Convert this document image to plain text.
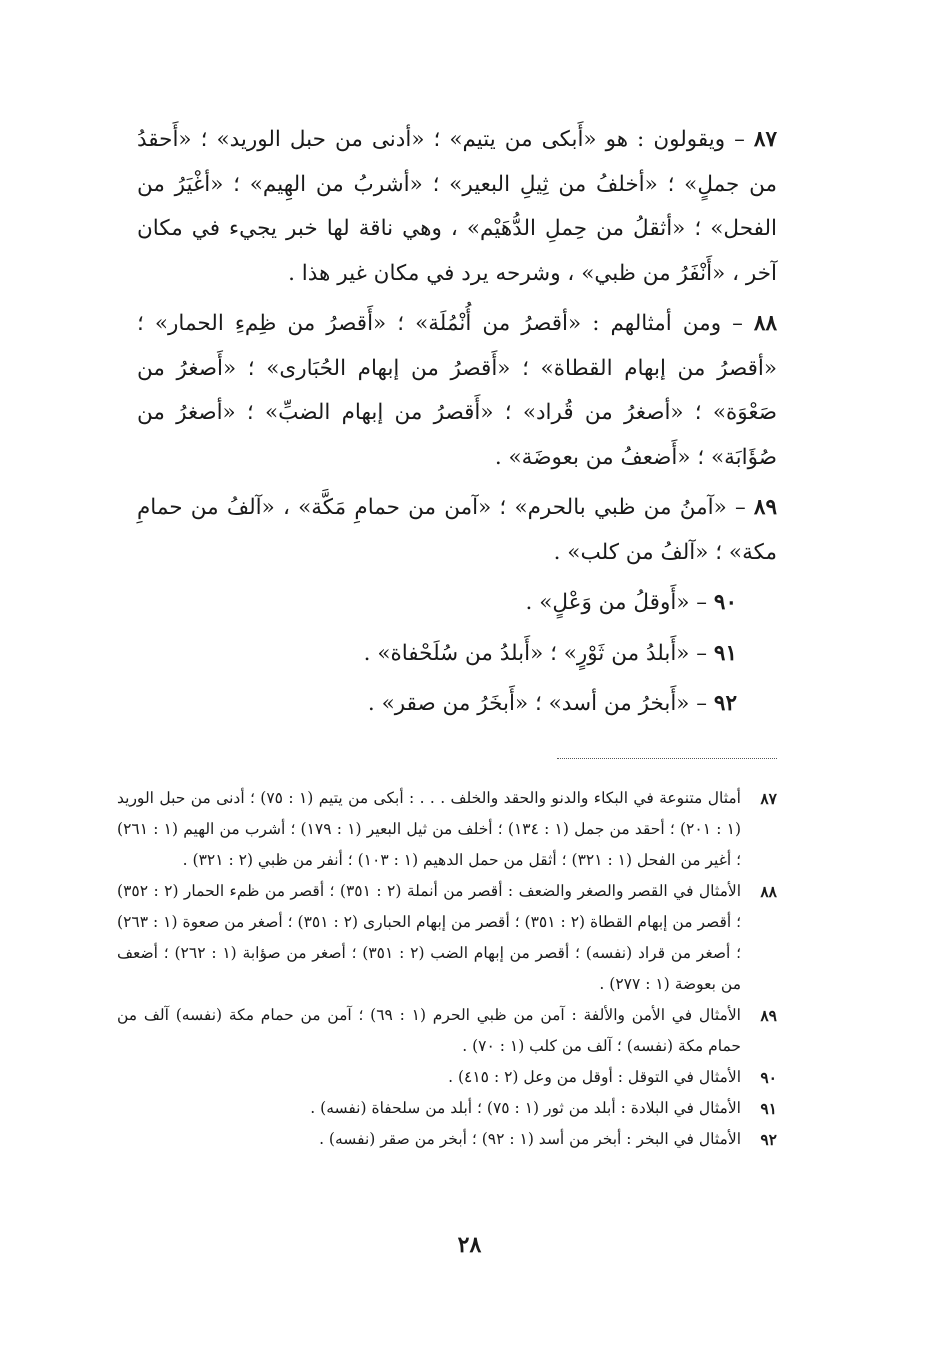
٨٧ – ويقولون : هو «أَبكى من يتيم» ؛ «أدنى من حبل الوريد» ؛ «أَحقدُ من جملٍ» ؛ «أخلفُ من ثِيلِ البعير» ؛ «أشربُ من الهِيم» ؛ «أغْيَرُ من الفحل» ؛ «أثقلُ من حِملِ الدُّهَيْم» ، وهي ناقة لها خبر يجيء في مكان آخر ، «أَنْفَرُ من ظبي» ، وشرحه يرد في مكان غير هذا .

٨٨ – ومن أمثالهم : «أقصرُ من أُنْمُلَة» ؛ «أَقصرُ من ظِمءِ الحمار» ؛ «أقصرُ من إبهام القطاة» ؛ «أَقصرُ من إبهام الحُبَارى» ؛ «أَصغرُ من صَعْوَة» ؛ «أصغرُ من قُراد» ؛ «أَقصرُ من إبهام الضبِّ» ؛ «أصغرُ من صُؤَابَة» ؛ «أَضعفُ من بعوضَة» .

٨٩ – «آمنُ من ظبي بالحرم» ؛ «آمن من حمامِ مَكَّة» ، «آلفُ من حمامِ مكة» ؛ «آلفُ من كلب» .

٩٠ – «أَوقلُ من وَعْلٍ» .

٩١ – «أَبلدُ من ثَوْرٍ» ؛ «أَبلدُ من سُلَحْفاة» .

٩٢ – «أَبخرُ من أسد» ؛ «أَبخَرُ من صقر» .

٨٧
أمثال متنوعة في البكاء والدنو والحقد والخلف . . . : أبكى من يتيم (١ : ٧٥) ؛ أدنى من حبل الوريد (١ : ٢٠١) ؛ أحقد من جمل (١ : ١٣٤) ؛ أخلف من ثيل البعير (١ : ١٧٩) ؛ أشرب من الهيم (١ : ٢٦١) ؛ أغير من الفحل (١ : ٣٢١) ؛ أثقل من حمل الدهيم (١ : ١٠٣) ؛ أنفر من ظبي (٢ : ٣٢١) .
٨٨
الأمثال في القصر والصغر والضعف : أقصر من أنملة (٢ : ٣٥١) ؛ أقصر من ظمء الحمار (٢ : ٣٥٢) ؛ أقصر من إبهام القطاة (٢ : ٣٥١) ؛ أقصر من إبهام الحبارى (٢ : ٣٥١) ؛ أصغر من صعوة (١ : ٢٦٣) ؛ أصغر من قراد (نفسه) ؛ أقصر من إبهام الضب (٢ : ٣٥١) ؛ أصغر من صؤابة (١ : ٢٦٢) ؛ أضعف من بعوضة (١ : ٢٧٧) .
٨٩
الأمثال في الأمن والألفة : آمن من ظبي الحرم (١ : ٦٩) ؛ آمن من حمام مكة (نفسه) آلف من حمام مكة (نفسه) ؛ آلف من كلب (١ : ٧٠) .
٩٠
الأمثال في التوقل : أوقل من وعل (٢ : ٤١٥) .
٩١
الأمثال في البلادة : أبلد من ثور (١ : ٧٥) ؛ أبلد من سلحفاة (نفسه) .
٩٢
الأمثال في البخر : أبخر من أسد (١ : ٩٢) ؛ أبخر من صقر (نفسه) .
٢٨
